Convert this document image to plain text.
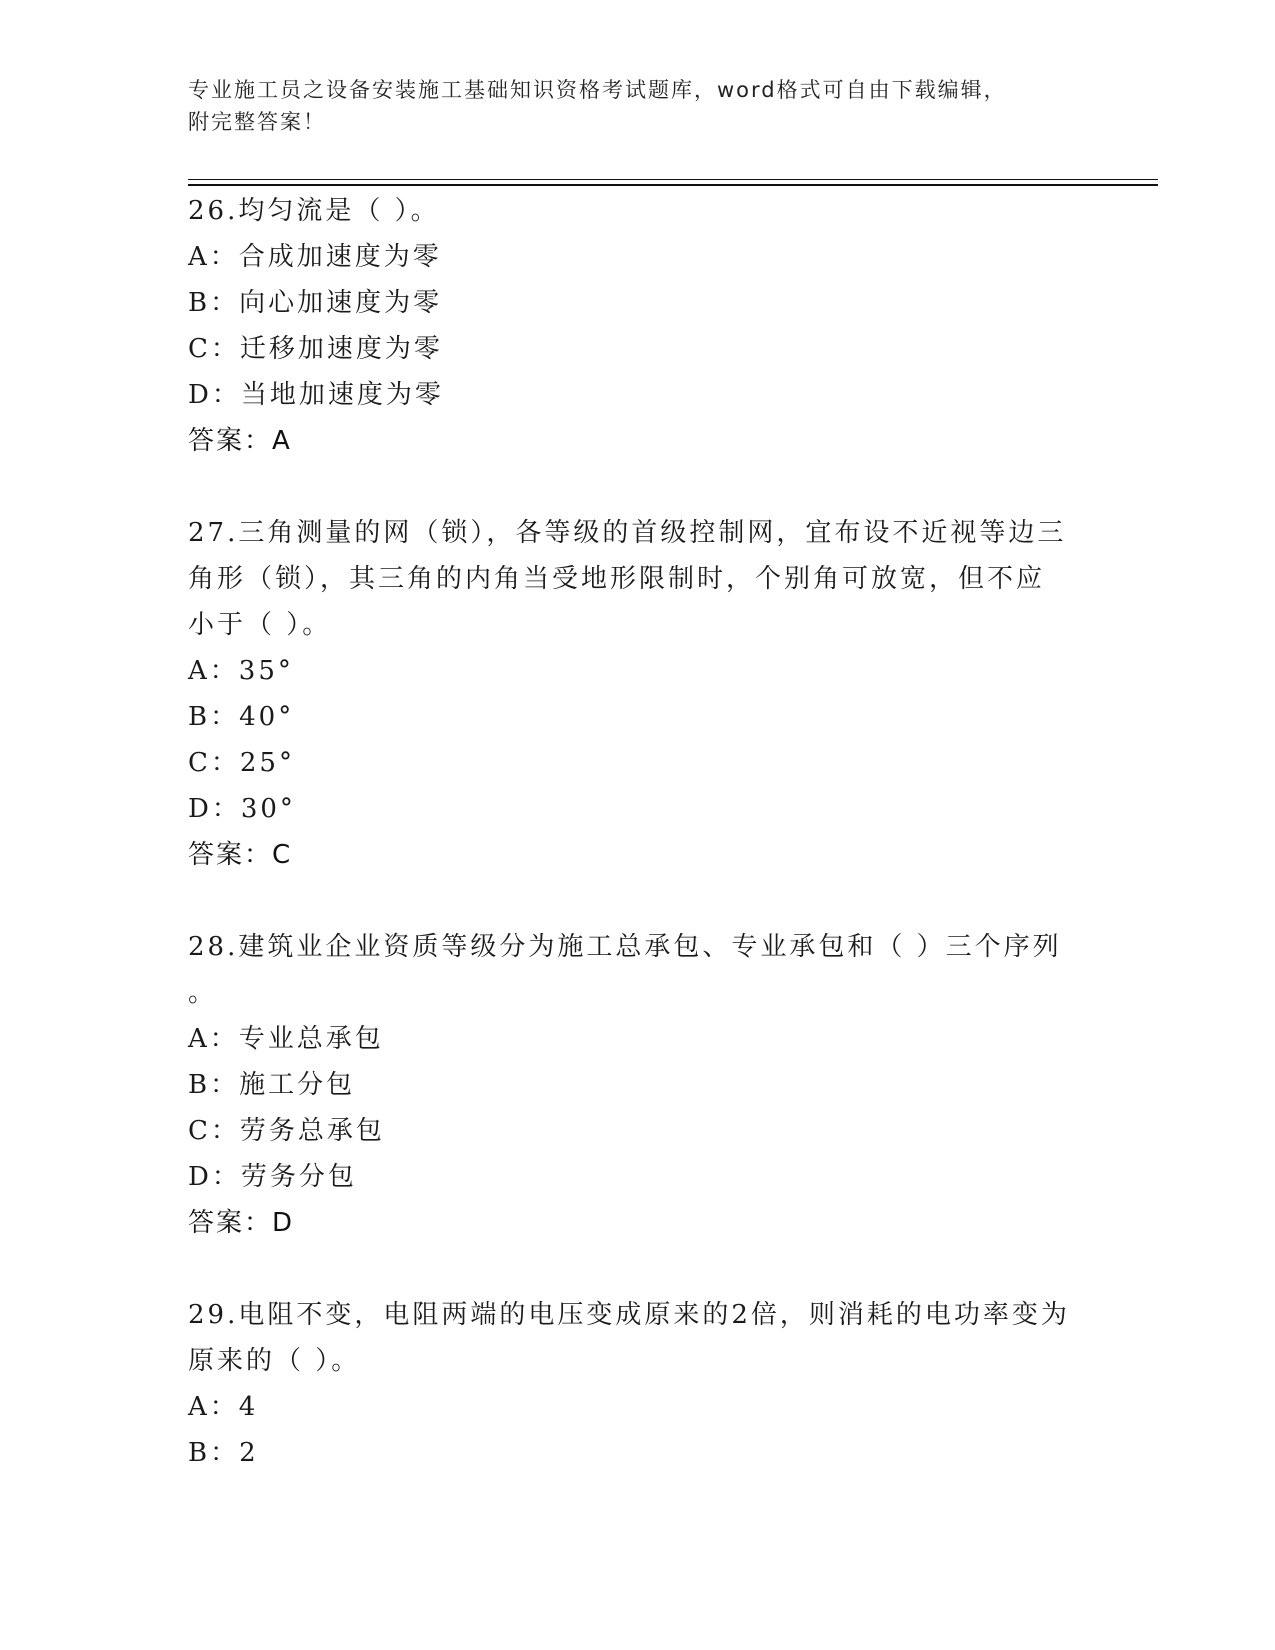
专业施工员之设备安装施工基础知识资格考试题库，word格式可自由下载编辑，
附完整答案！
26.均匀流是（ ）。
A：合成加速度为零
B：向心加速度为零
C：迁移加速度为零
D：当地加速度为零
答案：A
27.三角测量的网（锁），各等级的首级控制网，宜布设不近视等边三
角形（锁），其三角的内角当受地形限制时，个别角可放宽，但不应
小于（ ）。
A：35°
B：40°
C：25°
D：30°
答案：C
28.建筑业企业资质等级分为施工总承包、专业承包和（ ）三个序列
。
A：专业总承包
B：施工分包
C：劳务总承包
D：劳务分包
答案：D
29.电阻不变，电阻两端的电压变成原来的2倍，则消耗的电功率变为
原来的（ ）。
A：4
B：2
